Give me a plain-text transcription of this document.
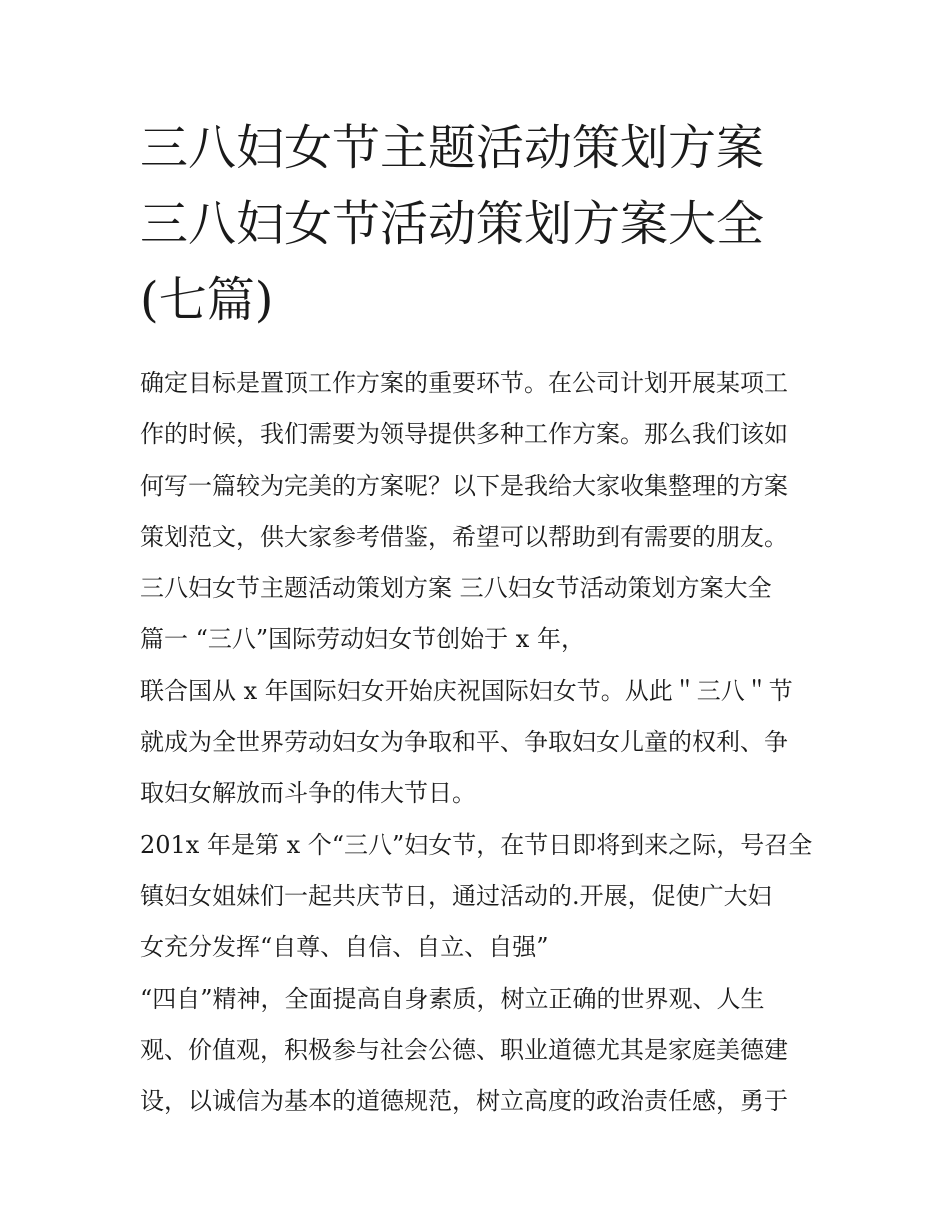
三八妇女节主题活动策划方案
三八妇女节活动策划方案大全
(七篇)
确定目标是置顶工作方案的重要环节。在公司计划开展某项工
作的时候，我们需要为领导提供多种工作方案。那么我们该如
何写一篇较为完美的方案呢？以下是我给大家收集整理的方案
策划范文，供大家参考借鉴，希望可以帮助到有需要的朋友。
三八妇女节主题活动策划方案 三八妇女节活动策划方案大全
篇一 “三八”国际劳动妇女节创始于 x 年，
联合国从 x 年国际妇女开始庆祝国际妇女节。从此＂三八＂节
就成为全世界劳动妇女为争取和平、争取妇女儿童的权利、争
取妇女解放而斗争的伟大节日。
201x 年是第 x 个“三八”妇女节，在节日即将到来之际，号召全
镇妇女姐妹们一起共庆节日，通过活动的.开展，促使广大妇
女充分发挥“自尊、自信、自立、自强”
“四自”精神，全面提高自身素质，树立正确的世界观、人生
观、价值观，积极参与社会公德、职业道德尤其是家庭美德建
设，以诚信为基本的道德规范，树立高度的政治责任感，勇于
